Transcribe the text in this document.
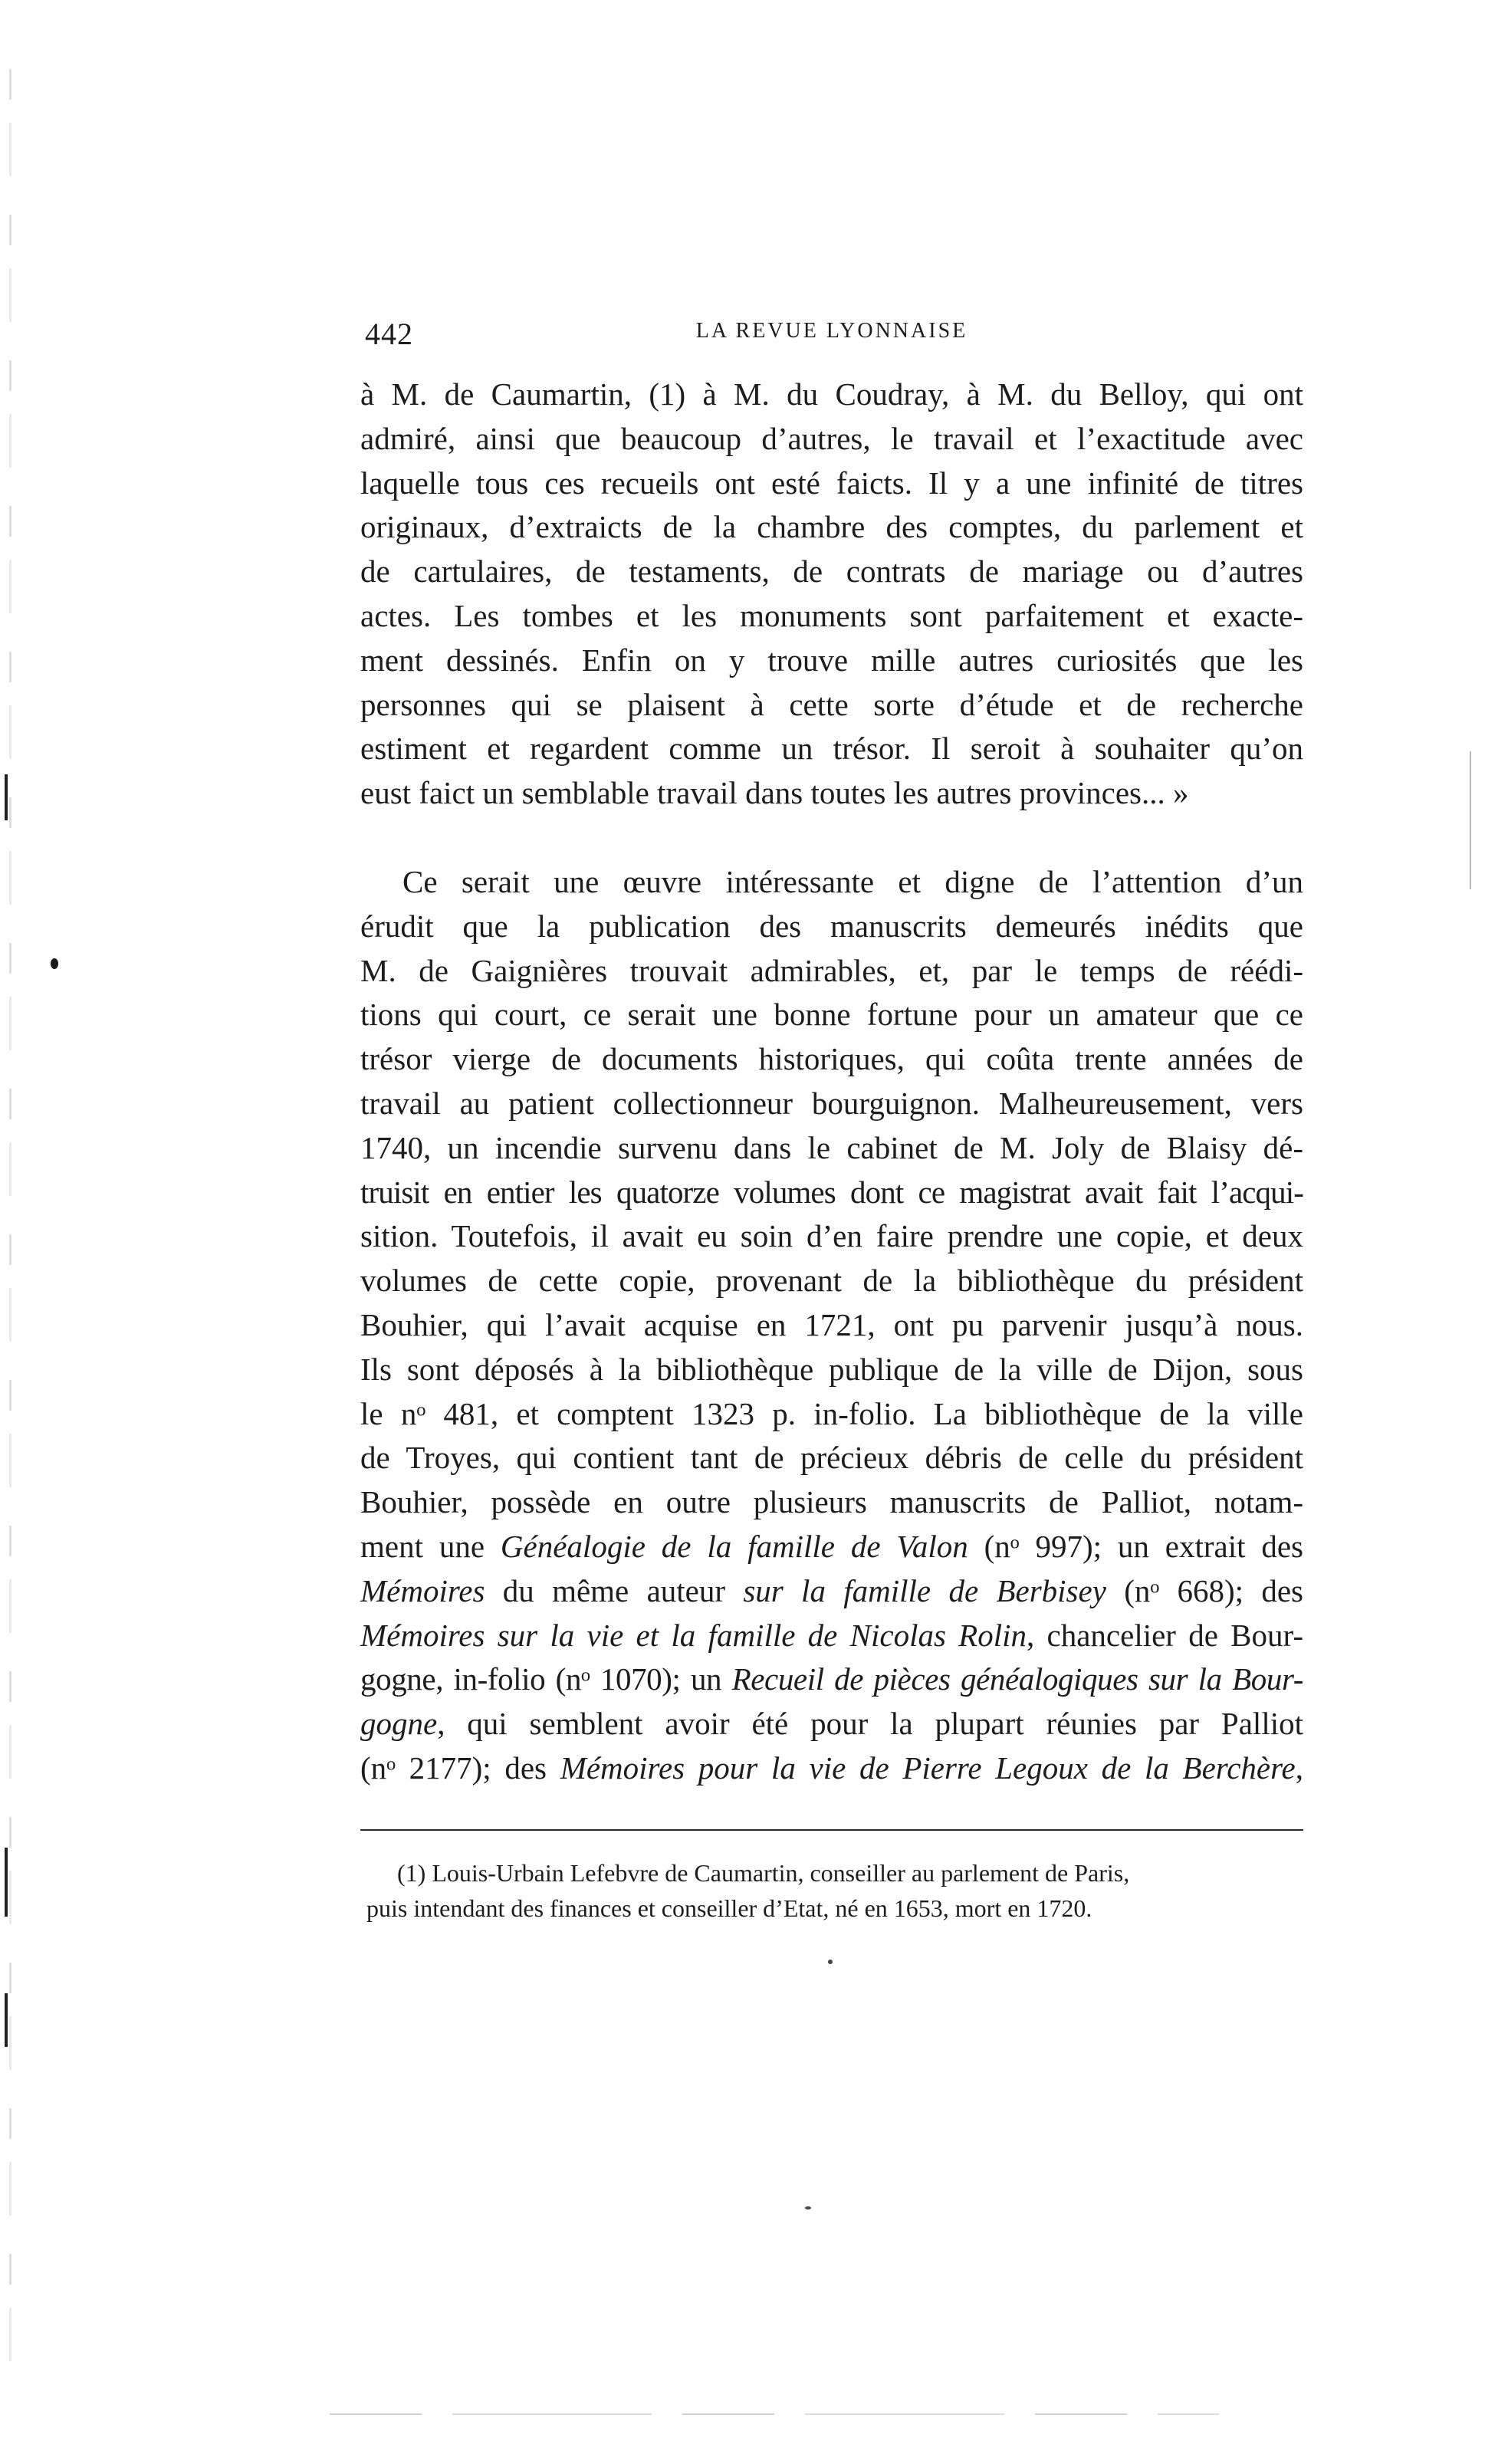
442	LA REVUE LYONNAISE

à M. de Caumartin, (1) à M. du Coudray, à M. du Belloy, qui ont

admiré, ainsi que beaucoup d’autres, le travail et l’exactitude avec

laquelle tous ces recueils ont esté faicts. Il y a une infinité de titres

originaux, d’extraicts de la chambre des comptes, du parlement et

de cartulaires, de testaments, de contrats de mariage ou d’autres

actes. Les tombes et les monuments sont parfaitement et exacte-

ment dessinés. Enfin on y trouve mille autres curiosités que les

personnes qui se plaisent à cette sorte d’étude et de recherche

estiment et regardent comme un trésor. Il seroit à souhaiter qu’on

eust faict un semblable travail dans toutes les autres provinces... »

Ce serait une œuvre intéressante et digne de l’attention d’un

érudit que la publication des manuscrits demeurés inédits que

M. de Gaignières trouvait admirables, et, par le temps de réédi-

tions qui court, ce serait une bonne fortune pour un amateur que ce

trésor vierge de documents historiques, qui coûta trente années de

travail au patient collectionneur bourguignon. Malheureusement, vers

1740, un incendie survenu dans le cabinet de M. Joly de Blaisy dé-

truisit en entier les quatorze volumes dont ce magistrat avait fait l’acqui-

sition. Toutefois, il avait eu soin d’en faire prendre une copie, et deux

volumes de cette copie, provenant de la bibliothèque du président

Bouhier, qui l’avait acquise en 1721, ont pu parvenir jusqu’à nous.

Ils sont déposés à la bibliothèque publique de la ville de Dijon, sous

le nᵒ 481, et comptent 1323 p. in-folio. La bibliothèque de la ville

de Troyes, qui contient tant de précieux débris de celle du président

Bouhier, possède en outre plusieurs manuscrits de Palliot, notam-

ment une Généalogie de la famille de Valon (nᵒ 997); un extrait des

Mémoires du même auteur sur la famille de Berbisey (nᵒ 668); des

Mémoires sur la vie et la famille de Nicolas Rolin, chancelier de Bour-

gogne, in-folio (nᵒ 1070); un Recueil de pièces généalogiques sur la Bour-

gogne, qui semblent avoir été pour la plupart réunies par Palliot

(nᵒ 2177); des Mémoires pour la vie de Pierre Legoux de la Berchère,

(1) Louis-Urbain Lefebvre de Caumartin, conseiller au parlement de Paris,

puis intendant des finances et conseiller d’Etat, né en 1653, mort en 1720.
